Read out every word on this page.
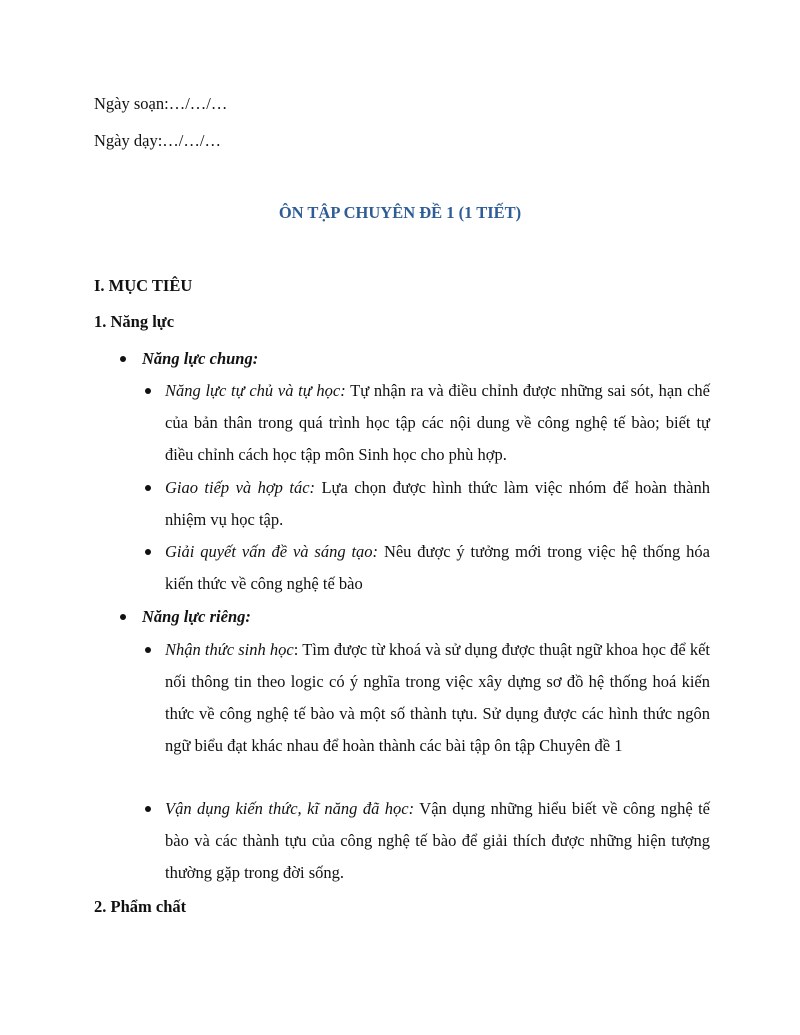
Ngày soạn:…/…/…
Ngày dạy:…/…/…
ÔN TẬP CHUYÊN ĐỀ 1 (1 TIẾT)
I. MỤC TIÊU
1. Năng lực
Năng lực chung:
Năng lực tự chủ và tự học: Tự nhận ra và điều chỉnh được những sai sót, hạn chế của bản thân trong quá trình học tập các nội dung về công nghệ tế bào; biết tự điều chỉnh cách học tập môn Sinh học cho phù hợp.
Giao tiếp và hợp tác: Lựa chọn được hình thức làm việc nhóm để hoàn thành nhiệm vụ học tập.
Giải quyết vấn đề và sáng tạo: Nêu được ý tưởng mới trong việc hệ thống hóa kiến thức về công nghệ tế bào
Năng lực riêng:
Nhận thức sinh học: Tìm được từ khoá và sử dụng được thuật ngữ khoa học để kết nối thông tin theo logic có ý nghĩa trong việc xây dựng sơ đồ hệ thống hoá kiến thức về công nghệ tế bào và một số thành tựu. Sử dụng được các hình thức ngôn ngữ biểu đạt khác nhau để hoàn thành các bài tập ôn tập Chuyên đề 1
Vận dụng kiến thức, kĩ năng đã học: Vận dụng những hiểu biết về công nghệ tế bào và các thành tựu của công nghệ tế bào để giải thích được những hiện tượng thường gặp trong đời sống.
2. Phẩm chất
